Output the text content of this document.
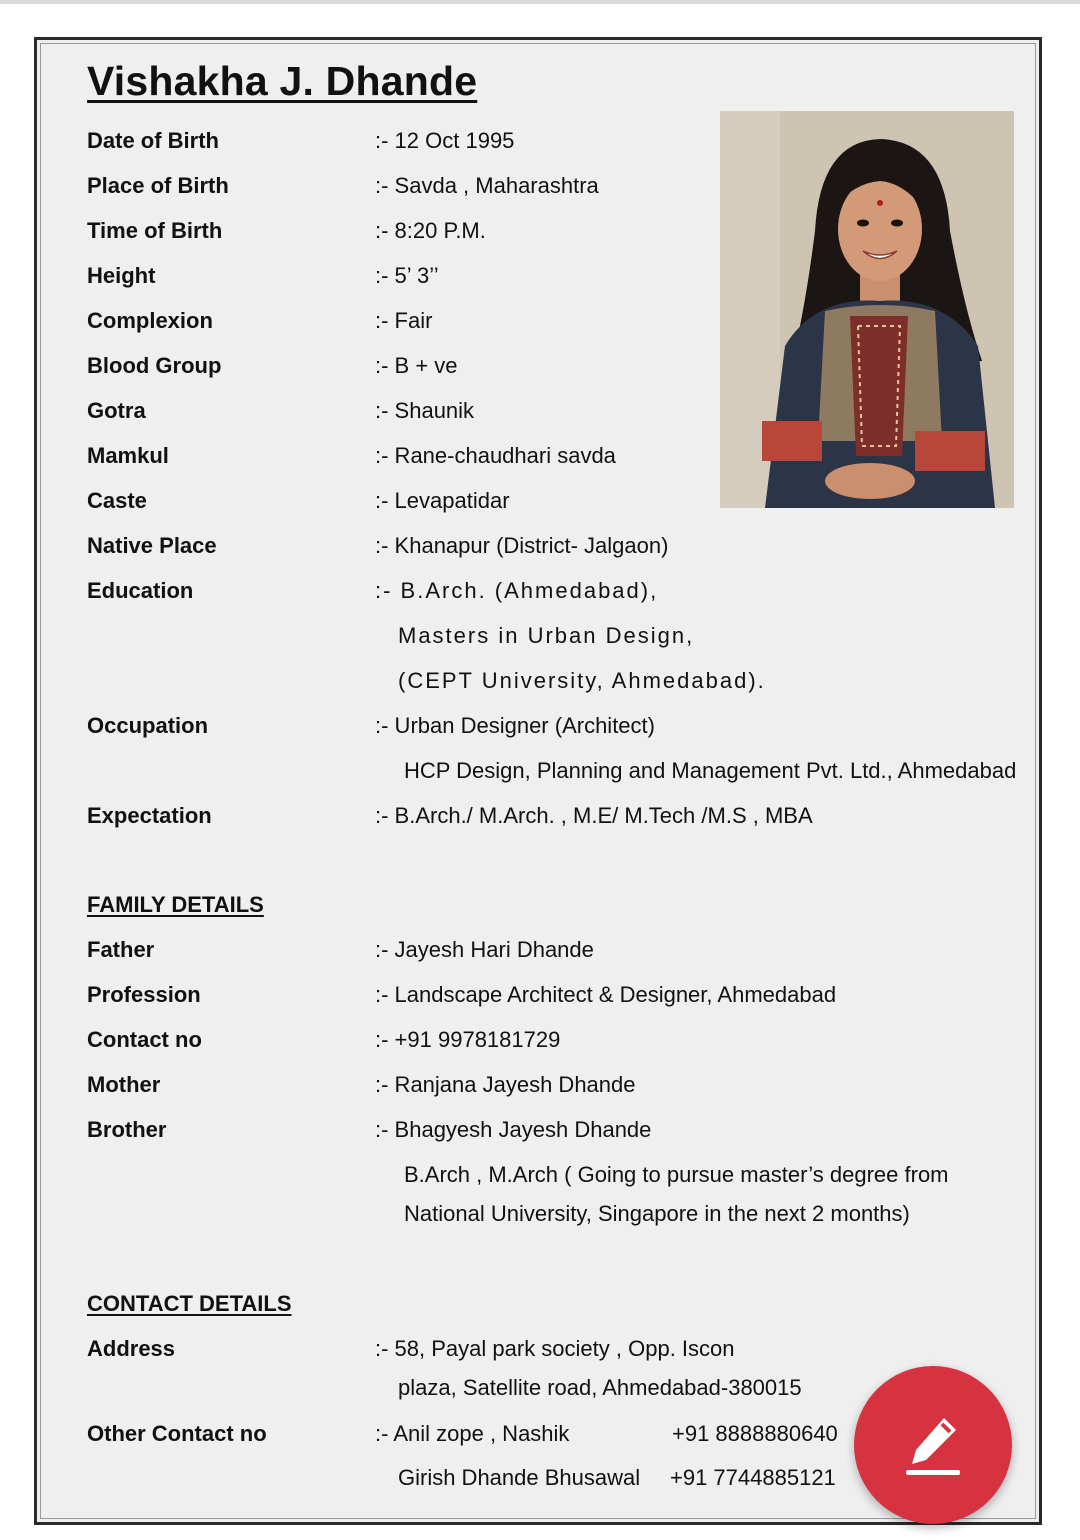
Vishakha J. Dhande
Date of Birth	:- 12 Oct 1995
Place of Birth	:- Savda , Maharashtra
Time of Birth	:- 8:20 P.M.
Height	:- 5’ 3’’
Complexion	:- Fair
Blood Group	:- B + ve
Gotra	:- Shaunik
Mamkul	:- Rane-chaudhari savda
Caste	:- Levapatidar
Native Place	:- Khanapur (District- Jalgaon)
Education	:- B.Arch. (Ahmedabad),
Masters in Urban Design,
(CEPT University, Ahmedabad).
Occupation	:- Urban Designer (Architect)
HCP Design, Planning and Management Pvt. Ltd., Ahmedabad
Expectation	:- B.Arch./ M.Arch. , M.E/ M.Tech /M.S , MBA
FAMILY DETAILS
Father	:- Jayesh Hari Dhande
Profession	:- Landscape Architect & Designer, Ahmedabad
Contact no	:- +91 9978181729
Mother	:- Ranjana Jayesh Dhande
Brother	:- Bhagyesh Jayesh Dhande
B.Arch , M.Arch ( Going to pursue master’s degree from
National University, Singapore in the next 2 months)
CONTACT DETAILS
Address	:- 58, Payal park society , Opp. Iscon
plaza, Satellite road, Ahmedabad-380015
Other Contact no	:- Anil zope , Nashik	+91 8888880640
Girish Dhande Bhusawal +91 7744885121
